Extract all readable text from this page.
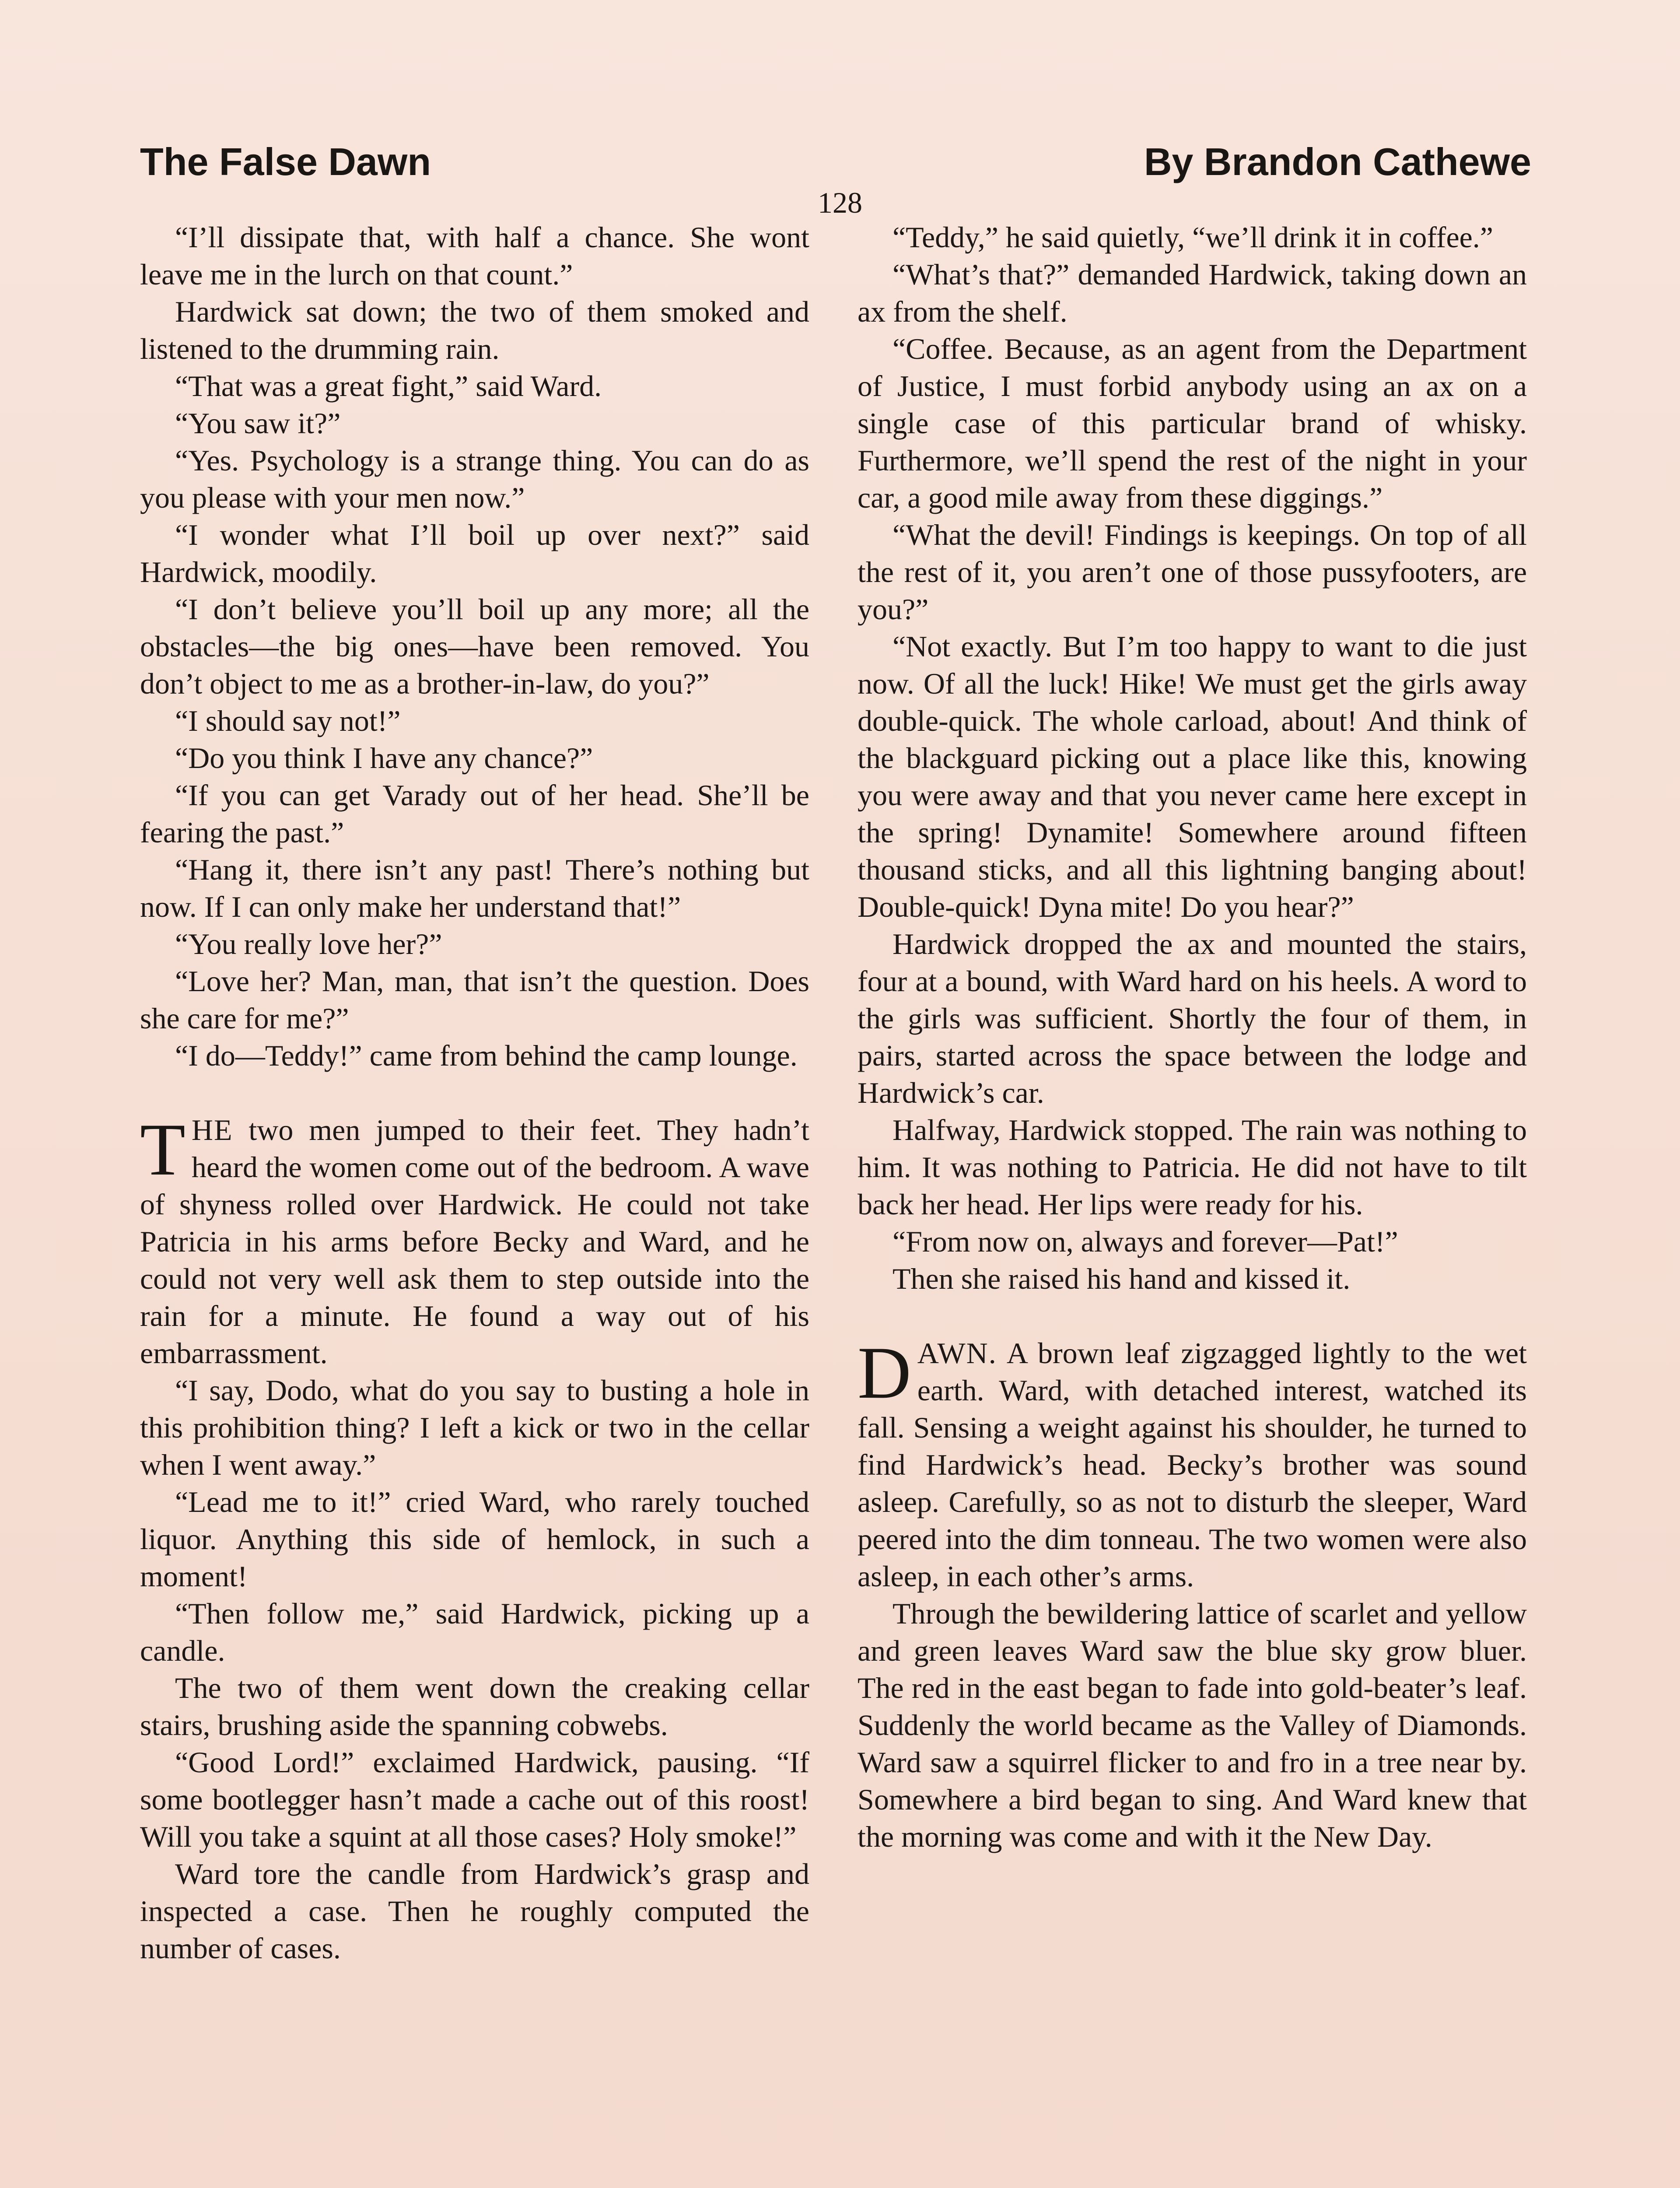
The False Dawn	By Brandon Cathewe
128

“I’ll dissipate that, with half a chance. She wont leave me in the lurch on that count.”

Hardwick sat down; the two of them smoked and listened to the drumming rain.

“That was a great fight,” said Ward.

“You saw it?”

“Yes. Psychology is a strange thing. You can do as you please with your men now.”

“I wonder what I’ll boil up over next?” said Hardwick, moodily.

“I don’t believe you’ll boil up any more; all the obstacles—the big ones—have been removed. You don’t object to me as a brother-in-law, do you?”

“I should say not!”

“Do you think I have any chance?”

“If you can get Varady out of her head. She’ll be fearing the past.”

“Hang it, there isn’t any past! There’s nothing but now. If I can only make her understand that!”

“You really love her?”

“Love her? Man, man, that isn’t the question. Does she care for me?”

“I do—Teddy!” came from behind the camp lounge.

THE two men jumped to their feet. They hadn’t heard the women come out of the bedroom. A wave of shyness rolled over Hardwick. He could not take Patricia in his arms before Becky and Ward, and he could not very well ask them to step outside into the rain for a minute. He found a way out of his embarrassment.

“I say, Dodo, what do you say to busting a hole in this prohibition thing? I left a kick or two in the cellar when I went away.”

“Lead me to it!” cried Ward, who rarely touched liquor. Anything this side of hemlock, in such a moment!

“Then follow me,” said Hardwick, picking up a candle.

The two of them went down the creaking cellar stairs, brushing aside the spanning cobwebs.

“Good Lord!” exclaimed Hardwick, pausing. “If some bootlegger hasn’t made a cache out of this roost! Will you take a squint at all those cases? Holy smoke!”

Ward tore the candle from Hardwick’s grasp and inspected a case. Then he roughly computed the number of cases.

“Teddy,” he said quietly, “we’ll drink it in coffee.”

“What’s that?” demanded Hardwick, taking down an ax from the shelf.

“Coffee. Because, as an agent from the Department of Justice, I must forbid anybody using an ax on a single case of this particular brand of whisky. Furthermore, we’ll spend the rest of the night in your car, a good mile away from these diggings.”

“What the devil! Findings is keepings. On top of all the rest of it, you aren’t one of those pussyfooters, are you?”

“Not exactly. But I’m too happy to want to die just now. Of all the luck! Hike! We must get the girls away double-quick. The whole carload, about! And think of the blackguard picking out a place like this, knowing you were away and that you never came here except in the spring! Dynamite! Somewhere around fifteen thousand sticks, and all this lightning banging about! Double-quick! Dyna mite! Do you hear?”

Hardwick dropped the ax and mounted the stairs, four at a bound, with Ward hard on his heels. A word to the girls was sufficient. Shortly the four of them, in pairs, started across the space between the lodge and Hardwick’s car.

Halfway, Hardwick stopped. The rain was nothing to him. It was nothing to Patricia. He did not have to tilt back her head. Her lips were ready for his.

“From now on, always and forever—Pat!”

Then she raised his hand and kissed it.

DAWN. A brown leaf zigzagged lightly to the wet earth. Ward, with detached interest, watched its fall. Sensing a weight against his shoulder, he turned to find Hardwick’s head. Becky’s brother was sound asleep. Carefully, so as not to disturb the sleeper, Ward peered into the dim tonneau. The two women were also asleep, in each other’s arms.

Through the bewildering lattice of scarlet and yellow and green leaves Ward saw the blue sky grow bluer. The red in the east began to fade into gold-beater’s leaf. Suddenly the world became as the Valley of Diamonds. Ward saw a squirrel flicker to and fro in a tree near by. Somewhere a bird began to sing. And Ward knew that the morning was come and with it the New Day.
